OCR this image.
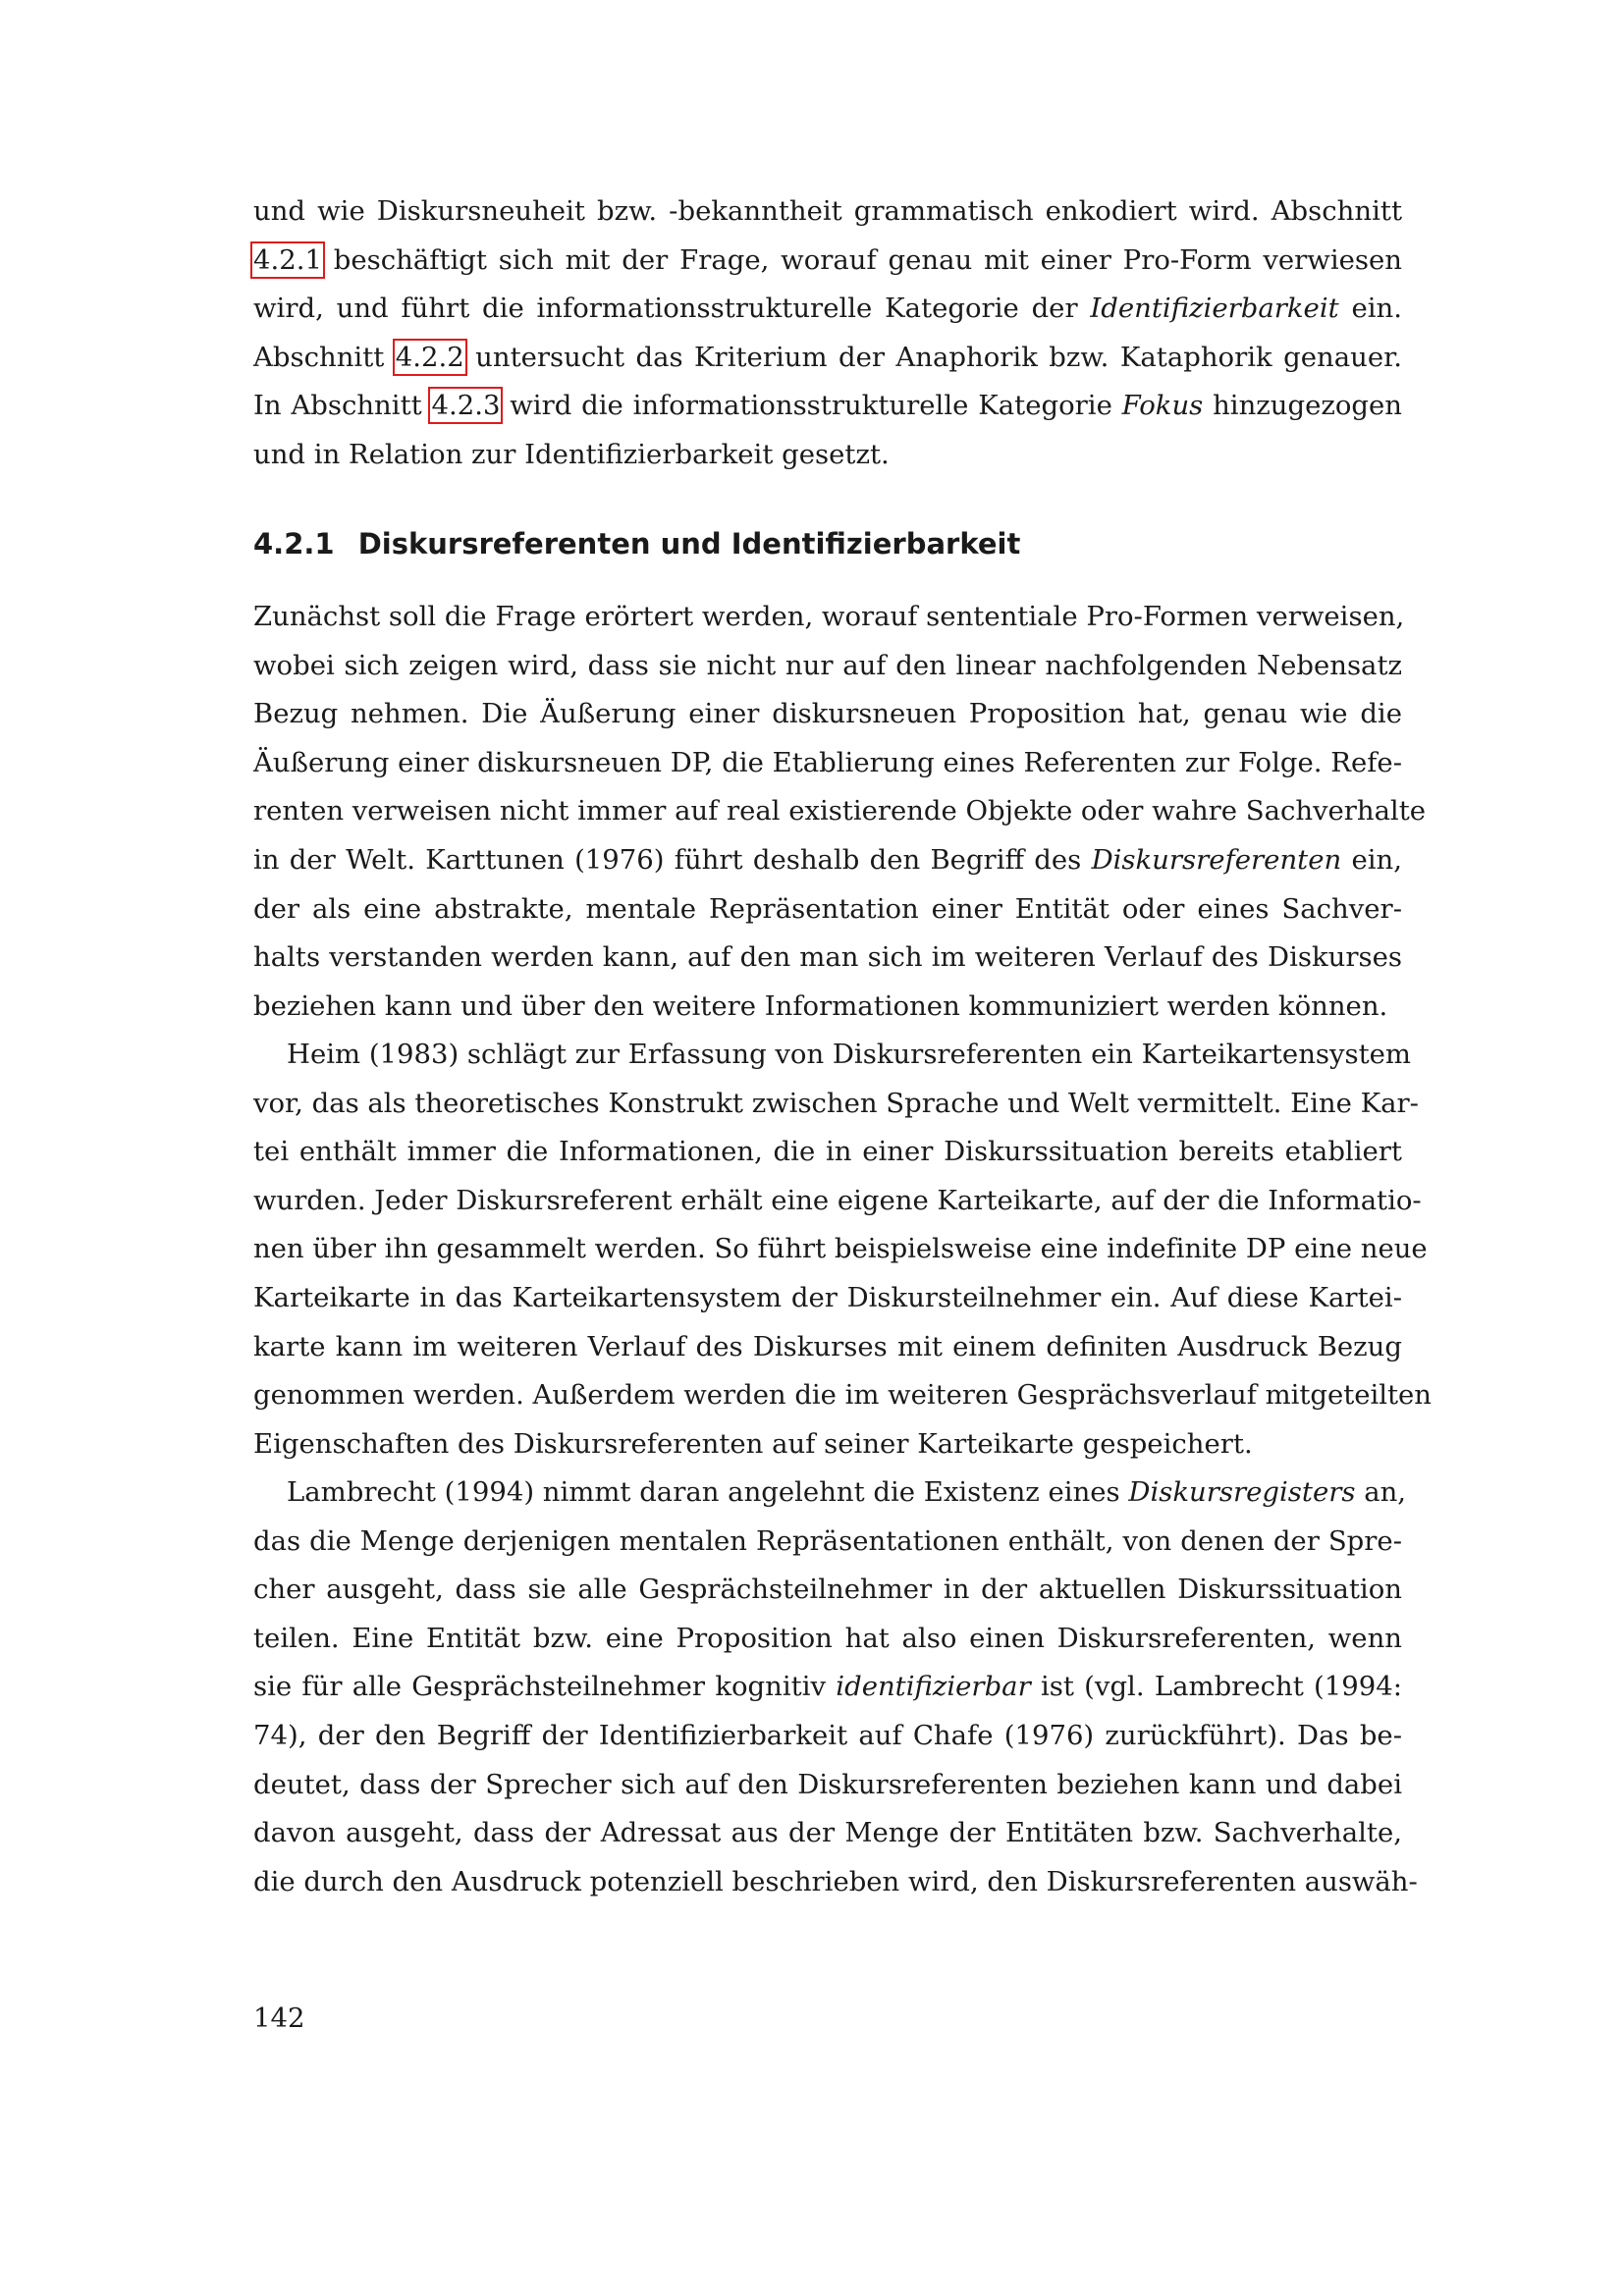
und wie Diskursneuheit bzw. -bekanntheit grammatisch enkodiert wird. Abschnitt
4.2.1 beschäftigt sich mit der Frage, worauf genau mit einer Pro-Form verwiesen
wird, und führt die informationsstrukturelle Kategorie der Identifizierbarkeit ein.
Abschnitt 4.2.2 untersucht das Kriterium der Anaphorik bzw. Kataphorik genauer.
In Abschnitt 4.2.3 wird die informationsstrukturelle Kategorie Fokus hinzugezogen
und in Relation zur Identifizierbarkeit gesetzt.
4.2.1 Diskursreferenten und Identifizierbarkeit
Zunächst soll die Frage erörtert werden, worauf sententiale Pro-Formen verweisen,
wobei sich zeigen wird, dass sie nicht nur auf den linear nachfolgenden Nebensatz
Bezug nehmen. Die Äußerung einer diskursneuen Proposition hat, genau wie die
Äußerung einer diskursneuen DP, die Etablierung eines Referenten zur Folge. Refe-
renten verweisen nicht immer auf real existierende Objekte oder wahre Sachverhalte
in der Welt. Karttunen (1976) führt deshalb den Begriff des Diskursreferenten ein,
der als eine abstrakte, mentale Repräsentation einer Entität oder eines Sachver-
halts verstanden werden kann, auf den man sich im weiteren Verlauf des Diskurses
beziehen kann und über den weitere Informationen kommuniziert werden können.
Heim (1983) schlägt zur Erfassung von Diskursreferenten ein Karteikartensystem
vor, das als theoretisches Konstrukt zwischen Sprache und Welt vermittelt. Eine Kar-
tei enthält immer die Informationen, die in einer Diskurssituation bereits etabliert
wurden. Jeder Diskursreferent erhält eine eigene Karteikarte, auf der die Informatio-
nen über ihn gesammelt werden. So führt beispielsweise eine indefinite DP eine neue
Karteikarte in das Karteikartensystem der Diskursteilnehmer ein. Auf diese Kartei-
karte kann im weiteren Verlauf des Diskurses mit einem definiten Ausdruck Bezug
genommen werden. Außerdem werden die im weiteren Gesprächsverlauf mitgeteilten
Eigenschaften des Diskursreferenten auf seiner Karteikarte gespeichert.
Lambrecht (1994) nimmt daran angelehnt die Existenz eines Diskursregisters an,
das die Menge derjenigen mentalen Repräsentationen enthält, von denen der Spre-
cher ausgeht, dass sie alle Gesprächsteilnehmer in der aktuellen Diskurssituation
teilen. Eine Entität bzw. eine Proposition hat also einen Diskursreferenten, wenn
sie für alle Gesprächsteilnehmer kognitiv identifizierbar ist (vgl. Lambrecht (1994:
74), der den Begriff der Identifizierbarkeit auf Chafe (1976) zurückführt). Das be-
deutet, dass der Sprecher sich auf den Diskursreferenten beziehen kann und dabei
davon ausgeht, dass der Adressat aus der Menge der Entitäten bzw. Sachverhalte,
die durch den Ausdruck potenziell beschrieben wird, den Diskursreferenten auswäh-
142
